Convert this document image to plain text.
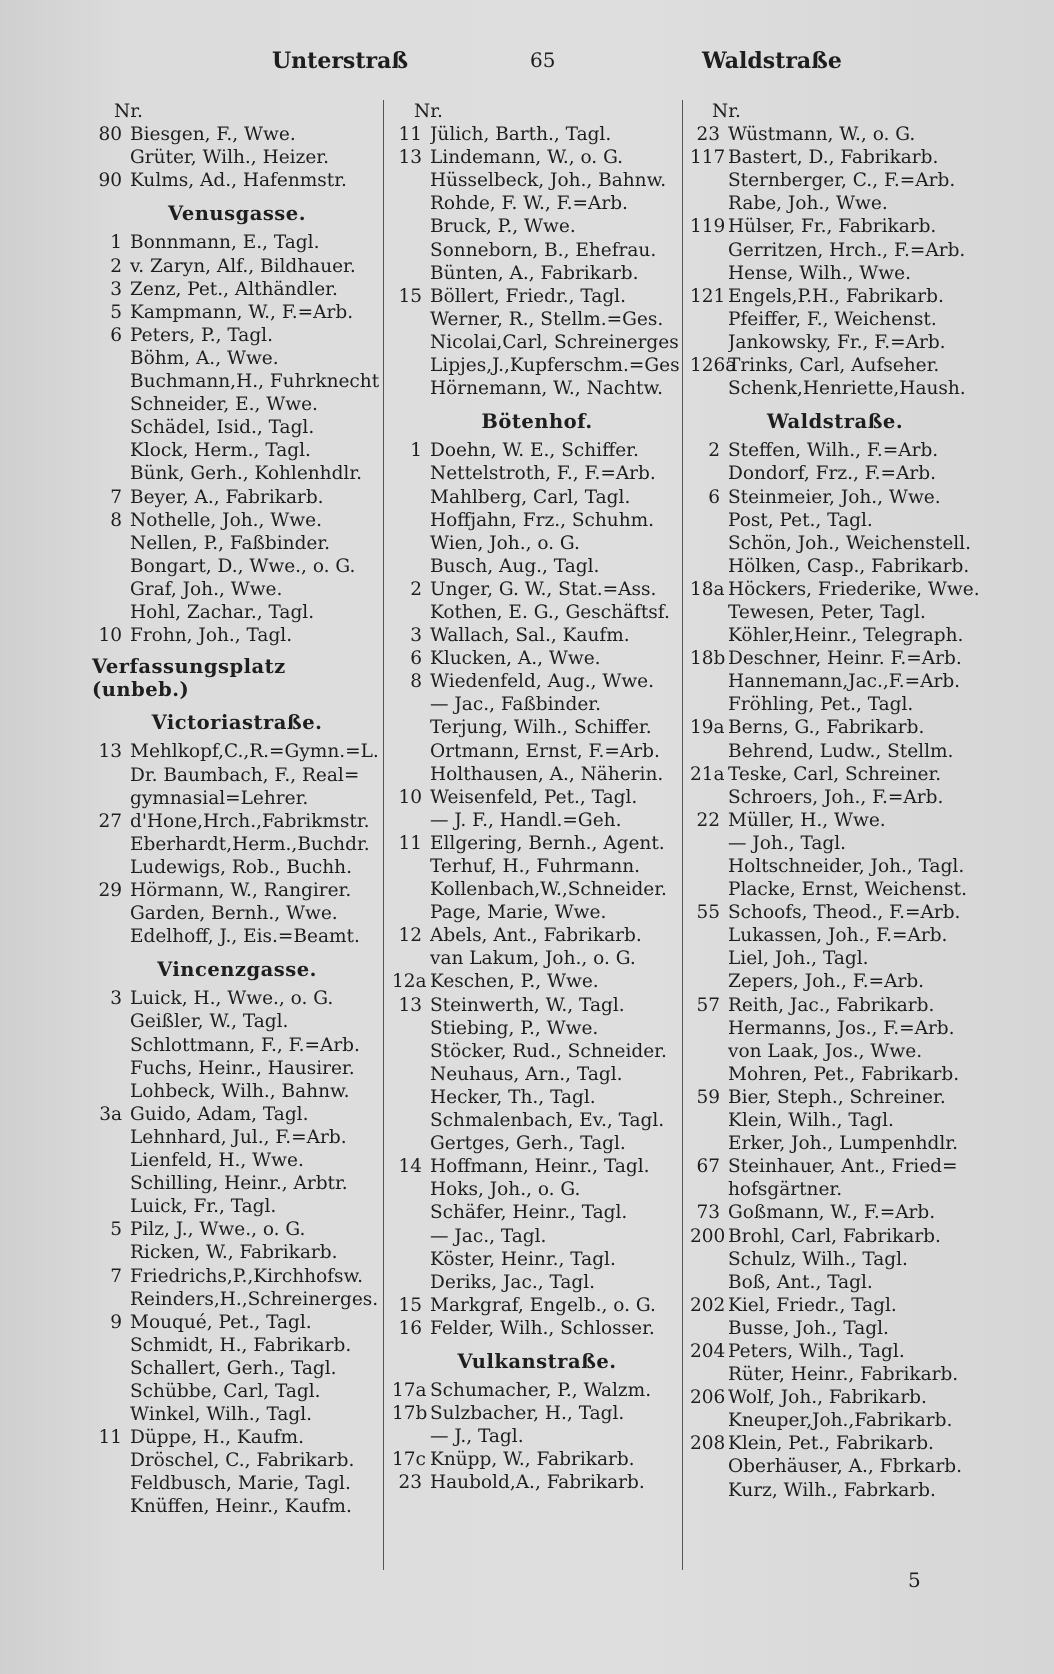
Unterstraß	65	Waldstraße
Nr.
80 Biesgen, F., Wwe.
Grüter, Wilh., Heizer.
90 Kulms, Ad., Hafenmstr.
Venusgasse.
1 Bonnmann, E., Tagl.
2 v. Zaryn, Alf., Bildhauer.
3 Zenz, Pet., Althändler.
5 Kampmann, W., F.=Arb.
6 Peters, P., Tagl.
Böhm, A., Wwe.
Buchmann,H., Fuhrknecht
Schneider, E., Wwe.
Schädel, Isid., Tagl.
Klock, Herm., Tagl.
Bünk, Gerh., Kohlenhdlr.
7 Beyer, A., Fabrikarb.
8 Nothelle, Joh., Wwe.
Nellen, P., Faßbinder.
Bongart, D., Wwe., o. G.
Graf, Joh., Wwe.
Hohl, Zachar., Tagl.
10 Frohn, Joh., Tagl.
Verfassungsplatz (unbeb.)
Victoriastraße.
13 Mehlkopf,C.,R.=Gymn.=L.
Dr. Baumbach, F., Real=
gymnasial=Lehrer.
27 d'Hone,Hrch.,Fabrikmstr.
Eberhardt,Herm.,Buchdr.
Ludewigs, Rob., Buchh.
29 Hörmann, W., Rangirer.
Garden, Bernh., Wwe.
Edelhoff, J., Eis.=Beamt.
Vincenzgasse.
3 Luick, H., Wwe., o. G.
Geißler, W., Tagl.
Schlottmann, F., F.=Arb.
Fuchs, Heinr., Hausirer.
Lohbeck, Wilh., Bahnw.
3a Guido, Adam, Tagl.
Lehnhard, Jul., F.=Arb.
Lienfeld, H., Wwe.
Schilling, Heinr., Arbtr.
Luick, Fr., Tagl.
5 Pilz, J., Wwe., o. G.
Ricken, W., Fabrikarb.
7 Friedrichs,P.,Kirchhofsw.
Reinders,H.,Schreinerges.
9 Mouqué, Pet., Tagl.
Schmidt, H., Fabrikarb.
Schallert, Gerh., Tagl.
Schübbe, Carl, Tagl.
Winkel, Wilh., Tagl.
11 Düppe, H., Kaufm.
Dröschel, C., Fabrikarb.
Feldbusch, Marie, Tagl.
Knüffen, Heinr., Kaufm.
Nr.
11 Jülich, Barth., Tagl.
13 Lindemann, W., o. G.
Hüsselbeck, Joh., Bahnw.
Rohde, F. W., F.=Arb.
Bruck, P., Wwe.
Sonneborn, B., Ehefrau.
Bünten, A., Fabrikarb.
15 Böllert, Friedr., Tagl.
Werner, R., Stellm.=Ges.
Nicolai,Carl, Schreinerges
Lipjes,J.,Kupferschm.=Ges
Hörnemann, W., Nachtw.
Bötenhof.
1 Doehn, W. E., Schiffer.
Nettelstroth, F., F.=Arb.
Mahlberg, Carl, Tagl.
Hoffjahn, Frz., Schuhm.
Wien, Joh., o. G.
Busch, Aug., Tagl.
2 Unger, G. W., Stat.=Ass.
Kothen, E. G., Geschäftsf.
3 Wallach, Sal., Kaufm.
6 Klucken, A., Wwe.
8 Wiedenfeld, Aug., Wwe.
— Jac., Faßbinder.
Terjung, Wilh., Schiffer.
Ortmann, Ernst, F.=Arb.
Holthausen, A., Näherin.
10 Weisenfeld, Pet., Tagl.
— J. F., Handl.=Geh.
11 Ellgering, Bernh., Agent.
Terhuf, H., Fuhrmann.
Kollenbach,W.,Schneider.
Page, Marie, Wwe.
12 Abels, Ant., Fabrikarb.
van Lakum, Joh., o. G.
12a Keschen, P., Wwe.
13 Steinwerth, W., Tagl.
Stiebing, P., Wwe.
Stöcker, Rud., Schneider.
Neuhaus, Arn., Tagl.
Hecker, Th., Tagl.
Schmalenbach, Ev., Tagl.
Gertges, Gerh., Tagl.
14 Hoffmann, Heinr., Tagl.
Hoks, Joh., o. G.
Schäfer, Heinr., Tagl.
— Jac., Tagl.
Köster, Heinr., Tagl.
Deriks, Jac., Tagl.
15 Markgraf, Engelb., o. G.
16 Felder, Wilh., Schlosser.
Vulkanstraße.
17a Schumacher, P., Walzm.
17b Sulzbacher, H., Tagl.
— J., Tagl.
17c Knüpp, W., Fabrikarb.
23 Haubold,A., Fabrikarb.
Nr.
23 Wüstmann, W., o. G.
117 Bastert, D., Fabrikarb.
Sternberger, C., F.=Arb.
Rabe, Joh., Wwe.
119 Hülser, Fr., Fabrikarb.
Gerritzen, Hrch., F.=Arb.
Hense, Wilh., Wwe.
121 Engels,P.H., Fabrikarb.
Pfeiffer, F., Weichenst.
Jankowsky, Fr., F.=Arb.
126a
Trinks, Carl, Aufseher.
Schenk,Henriette,Haush.
Waldstraße.
2 Steffen, Wilh., F.=Arb.
Dondorf, Frz., F.=Arb.
6 Steinmeier, Joh., Wwe.
Post, Pet., Tagl.
Schön, Joh., Weichenstell.
Hölken, Casp., Fabrikarb.
18a Höckers, Friederike, Wwe.
Tewesen, Peter, Tagl.
Köhler,Heinr., Telegraph.
18b Deschner, Heinr. F.=Arb.
Hannemann,Jac.,F.=Arb.
Fröhling, Pet., Tagl.
19a Berns, G., Fabrikarb.
Behrend, Ludw., Stellm.
21a Teske, Carl, Schreiner.
Schroers, Joh., F.=Arb.
22 Müller, H., Wwe.
— Joh., Tagl.
Holtschneider, Joh., Tagl.
Placke, Ernst, Weichenst.
55 Schoofs, Theod., F.=Arb.
Lukassen, Joh., F.=Arb.
Liel, Joh., Tagl.
Zepers, Joh., F.=Arb.
57 Reith, Jac., Fabrikarb.
Hermanns, Jos., F.=Arb.
von Laak, Jos., Wwe.
Mohren, Pet., Fabrikarb.
59 Bier, Steph., Schreiner.
Klein, Wilh., Tagl.
Erker, Joh., Lumpenhdlr.
67 Steinhauer, Ant., Fried=
hofsgärtner.
73 Goßmann, W., F.=Arb.
200 Brohl, Carl, Fabrikarb.
Schulz, Wilh., Tagl.
Boß, Ant., Tagl.
202 Kiel, Friedr., Tagl.
Busse, Joh., Tagl.
204 Peters, Wilh., Tagl.
Rüter, Heinr., Fabrikarb.
206 Wolf, Joh., Fabrikarb.
Kneuper,Joh.,Fabrikarb.
208 Klein, Pet., Fabrikarb.
Oberhäuser, A., Fbrkarb.
Kurz, Wilh., Fabrkarb.
5
